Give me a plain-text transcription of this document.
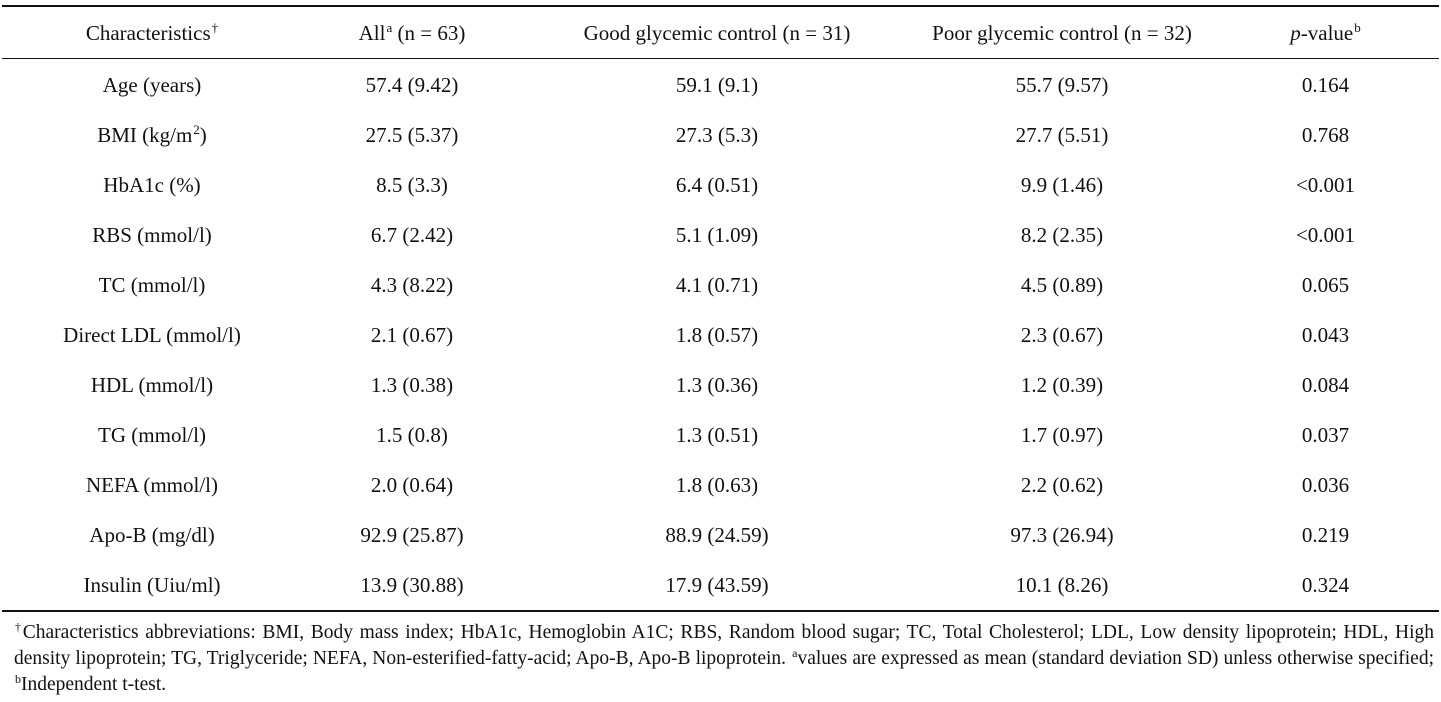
Characteristics†	All$^a$ (n = 63)	Good glycemic control (n = 31)	Poor glycemic control (n = 32)	p -value$^b$
Age (years)	57.4 (9.42)	59.1 (9.1)	55.7 (9.57)	0.164
BMI ($kg/m^2$ )	27.5 (5.37)	27.3 (5.3)	27.7 (5.51)	0.768
HbA1c (%)	8.5 (3.3)	6.4 (0.51)	9.9 (1.46)	<0.001
RBS (mmol/l)	6.7 (2.42)	5.1 (1.09)	8.2 (2.35)	<0.001
TC (mmol/l)	4.3 (8.22)	4.1 (0.71)	4.5 (0.89)	0.065
Direct LDL (mmol/l)	2.1 (0.67)	1.8 (0.57)	2.3 (0.67)	0.043
HDL (mmol/l)	1.3 (0.38)	1.3 (0.36)	1.2 (0.39)	0.084
TG (mmol/l)	1.5 (0.8)	1.3 (0.51)	1.7 (0.97)	0.037
NEFA (mmol/l)	2.0 (0.64)	1.8 (0.63)	2.2 (0.62)	0.036
Apo-B (mg/dl)	92.9 (25.87)	88.9 (24.59)	97.3 (26.94)	0.219
Insulin (Uiu/ml)	13.9 (30.88)	17.9 (43.59)	10.1 (8.26)	0.324
†Characteristics abbreviations: BMI, Body mass index; HbA1c, Hemoglobin A1C; RBS, Random blood sugar; TC, Total Cholesterol; LDL, Low density lipoprotein; HDL, High density lipoprotein; TG, Triglyceride; NEFA, Non-esterified-fatty-acid; Apo-B, Apo-B lipoprotein. $^a$values are expressed as mean (standard deviation SD) unless otherwise specified; $^b$Independent t-test.
